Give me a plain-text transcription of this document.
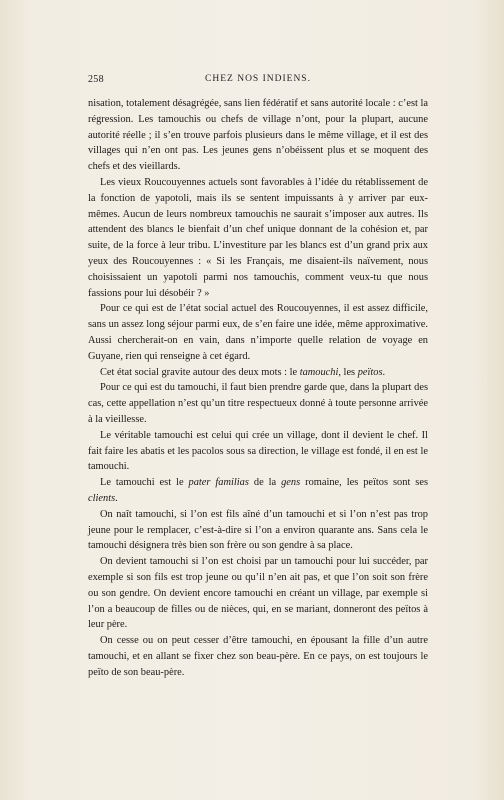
258	CHEZ NOS INDIENS.

nisation, totalement désagrégée, sans lien fédératif et sans autorité locale : c’est la régression. Les tamouchis ou chefs de village n’ont, pour la plupart, aucune autorité réelle ; il s’en trouve parfois plusieurs dans le même village, et il est des villages qui n’en ont pas. Les jeunes gens n’obéissent plus et se moquent des chefs et des vieillards.

Les vieux Roucouyennes actuels sont favorables à l’idée du rétablissement de la fonction de yapotoli, mais ils se sentent impuissants à y arriver par eux-mêmes. Aucun de leurs nombreux tamouchis ne saurait s’imposer aux autres. Ils attendent des blancs le bienfait d’un chef unique donnant de la cohésion et, par suite, de la force à leur tribu. L’investiture par les blancs est d’un grand prix aux yeux des Roucouyennes : « Si les Français, me disaient-ils naïvement, nous choisissaient un yapotoli parmi nos tamouchis, comment veux-tu que nous fassions pour lui désobéir ? »

Pour ce qui est de l’état social actuel des Roucouyennes, il est assez difficile, sans un assez long séjour parmi eux, de s’en faire une idée, même approximative. Aussi chercherait-on en vain, dans n’importe quelle relation de voyage en Guyane, rien qui renseigne à cet égard.

Cet état social gravite autour des deux mots : le tamouchi, les peïtos.

Pour ce qui est du tamouchi, il faut bien prendre garde que, dans la plupart des cas, cette appellation n’est qu’un titre respectueux donné à toute personne arrivée à la vieillesse.

Le véritable tamouchi est celui qui crée un village, dont il devient le chef. Il fait faire les abatis et les pacolos sous sa direction, le village est fondé, il en est le tamouchi.

Le tamouchi est le pater familias de la gens romaine, les peïtos sont ses clients.

On naît tamouchi, si l’on est fils aîné d’un tamouchi et si l’on n’est pas trop jeune pour le remplacer, c’est-à-dire si l’on a environ quarante ans. Sans cela le tamouchi désignera très bien son frère ou son gendre à sa place.

On devient tamouchi si l’on est choisi par un tamouchi pour lui succéder, par exemple si son fils est trop jeune ou qu’il n’en ait pas, et que l’on soit son frère ou son gendre. On devient encore tamouchi en créant un village, par exemple si l’on a beaucoup de filles ou de nièces, qui, en se mariant, donneront des peïtos à leur père.

On cesse ou on peut cesser d’être tamouchi, en épousant la fille d’un autre tamouchi, et en allant se fixer chez son beau-père. En ce pays, on est toujours le peïto de son beau-père.
